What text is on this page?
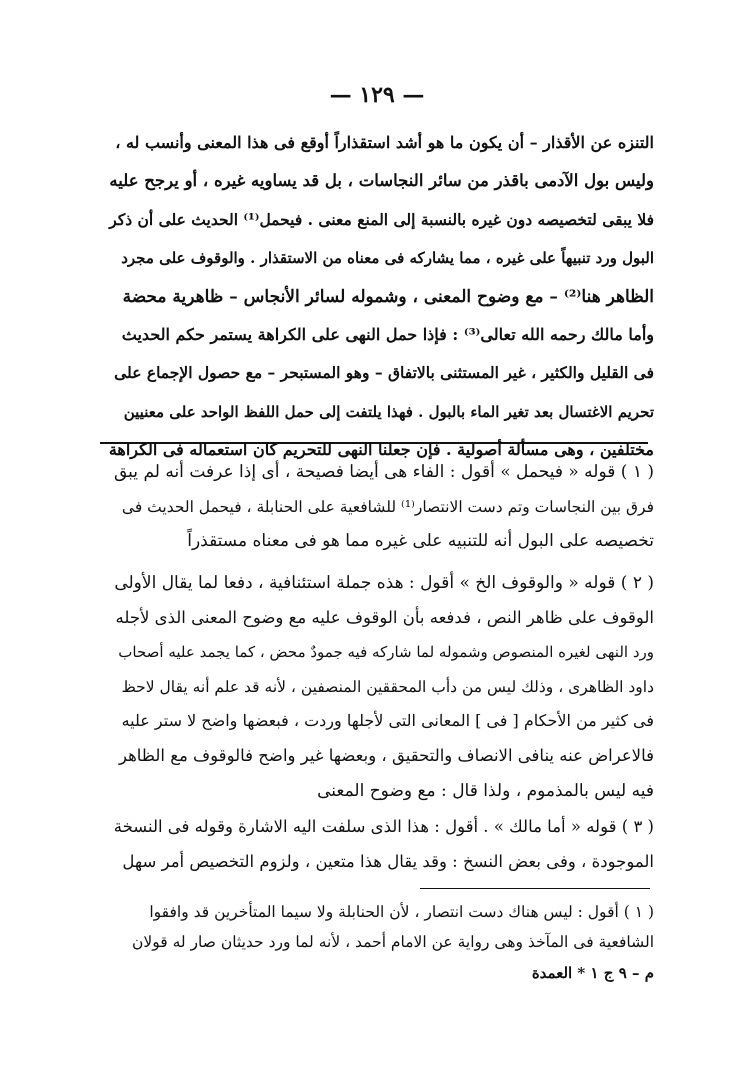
— ١٢٩ —
التنزه عن الأقذار – أن يكون ما هو أشد استقذاراً أوقع فى هذا المعنى وأنسب له ،
وليس بول الآدمى باقذر من سائر النجاسات ، بل قد يساويه غيره ، أو يرجح عليه
فلا يبقى لتخصيصه دون غيره بالنسبة إلى المنع معنى . فيحمل⁽¹⁾ الحديث على أن ذكر
البول ورد تنبيهاً على غيره ، مما يشاركه فى معناه من الاستقذار . والوقوف على مجرد
الظاهر هنا⁽²⁾ – مع وضوح المعنى ، وشموله لسائر الأنجاس – ظاهرية محضة
وأما مالك رحمه الله تعالى⁽³⁾ : فإذا حمل النهى على الكراهة يستمر حكم الحديث
فى القليل والكثير ، غير المستثنى بالاتفاق – وهو المستبحر – مع حصول الإجماع على
تحريم الاغتسال بعد تغير الماء بالبول . فهذا يلتفت إلى حمل اللفظ الواحد على معنيين
مختلفين ، وهى مسألة أصولية . فإن جعلنا النهى للتحريم كان استعماله فى الكراهة
( ١ ) قوله « فيحمل » أقول : الفاء هى أيضا فصيحة ، أى إذا عرفت أنه لم يبق
فرق بين النجاسات وتم دست الانتصار⁽¹⁾ للشافعية على الحنابلة ، فيحمل الحديث فى
تخصيصه على البول أنه للتنبيه على غيره مما هو فى معناه مستقذراً
( ٢ ) قوله « والوقوف الخ » أقول : هذه جملة استئنافية ، دفعا لما يقال الأولى
الوقوف على ظاهر النص ، فدفعه بأن الوقوف عليه مع وضوح المعنى الذى لأجله
ورد النهى لغيره المنصوص وشموله لما شاركه فيه جمودٌ محض ، كما يجمد عليه أصحاب
داود الظاهرى ، وذلك ليس من دأب المحققين المنصفين ، لأنه قد علم أنه يقال لاحظ
فى كثير من الأحكام [ فى ] المعانى التى لأجلها وردت ، فبعضها واضح لا ستر عليه
فالاعراض عنه ينافى الانصاف والتحقيق ، وبعضها غير واضح فالوقوف مع الظاهر
فيه ليس بالمذموم ، ولذا قال : مع وضوح المعنى
( ٣ ) قوله « أما مالك » . أقول : هذا الذى سلفت اليه الاشارة وقوله فى النسخة
الموجودة ، وفى بعض النسخ : وقد يقال هذا متعين ، ولزوم التخصيص أمر سهل
( ١ ) أقول : ليس هناك دست انتصار ، لأن الحنابلة ولا سيما المتأخرين قد وافقوا
الشافعية فى المآخذ وهى رواية عن الامام أحمد ، لأنه لما ورد حديثان صار له قولان
م – ٩ ج ١ * العمدة
